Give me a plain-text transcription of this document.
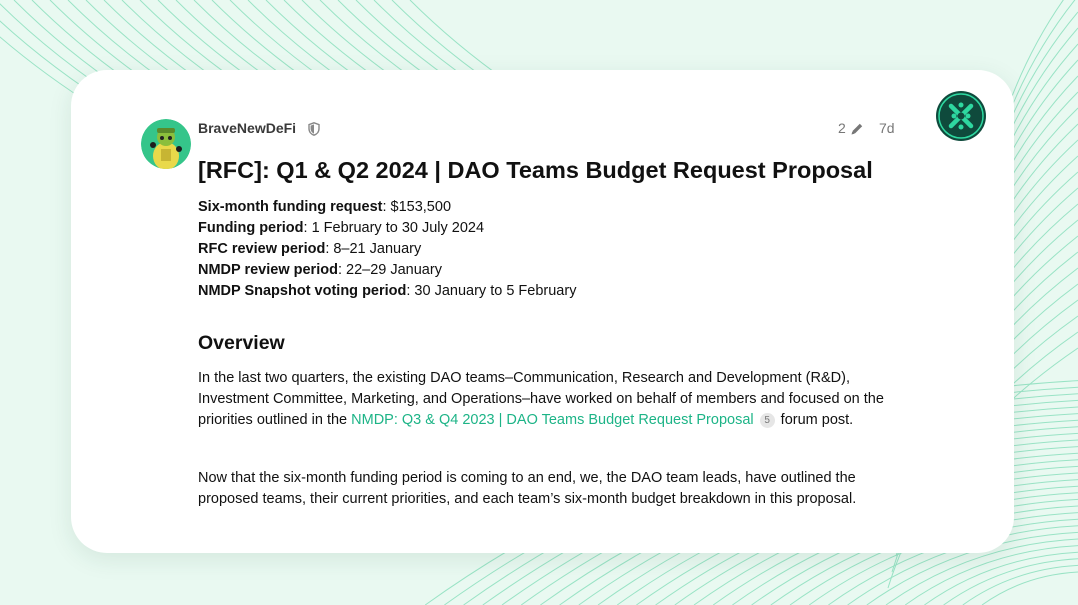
BraveNewDeFi	2 7d
[RFC]: Q1 & Q2 2024 | DAO Teams Budget Request Proposal
Six-month funding request: $153,500
Funding period: 1 February to 30 July 2024
RFC review period: 8–21 January
NMDP review period: 22–29 January
NMDP Snapshot voting period: 30 January to 5 February
Overview

In the last two quarters, the existing DAO teams–Communication, Research and Development (R&D), Investment Committee, Marketing, and Operations–have worked on behalf of members and focused on the priorities outlined in the NMDP: Q3 & Q4 2023 | DAO Teams Budget Request Proposal 5 forum post.

Now that the six-month funding period is coming to an end, we, the DAO team leads, have outlined the proposed teams, their current priorities, and each team’s six-month budget breakdown in this proposal.
